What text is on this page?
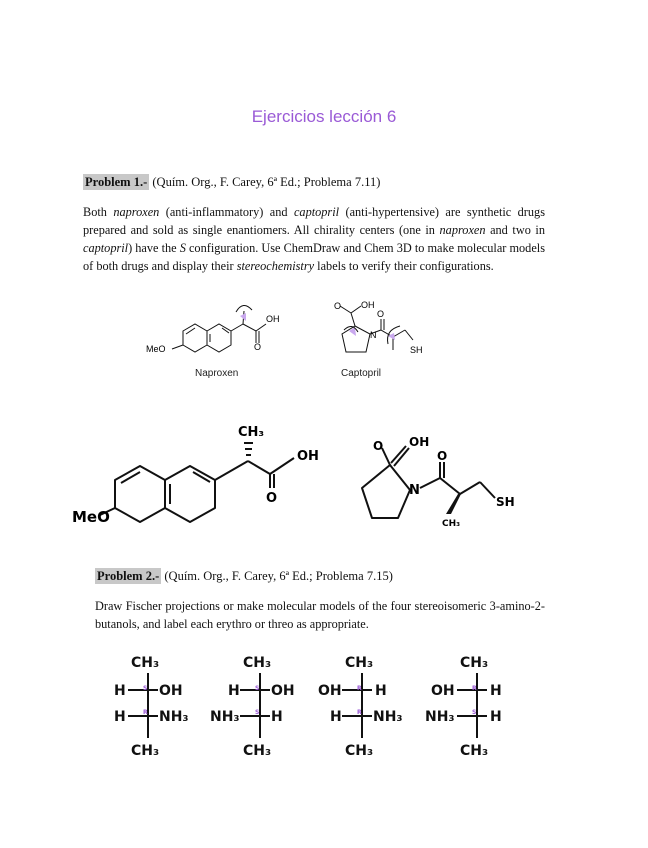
Ejercicios lección 6
Problem 1.- (Quím. Org., F. Carey, 6ª Ed.; Problema 7.11)
Both naproxen (anti-inflammatory) and captopril (anti-hypertensive) are synthetic drugs prepared and sold as single enantiomers. All chirality centers (one in naproxen and two in captopril) have the S configuration. Use ChemDraw and Chem 3D to make molecular models of both drugs and display their stereochemistry labels to verify their configurations.
MeO
OH
O
O OH
N
O
SH
Naproxen	Captopril
CH₃
OH
O
MeO
OH
O
N
O
SH
CH₃
Problem 2.- (Quím. Org., F. Carey, 6ª Ed.; Problema 7.15)
Draw Fischer projections or make molecular models of the four stereoisomeric 3-amino-2-butanols, and label each erythro or threo as appropriate.
CH₃
H OH
S
H NH₃
R
CH₃
CH₃
H OH
S
NH₃ H
S
CH₃
CH₃
OH H
R
H NH₃
R
CH₃
CH₃
OH	H
R
NH₃	H
S
CH₃
